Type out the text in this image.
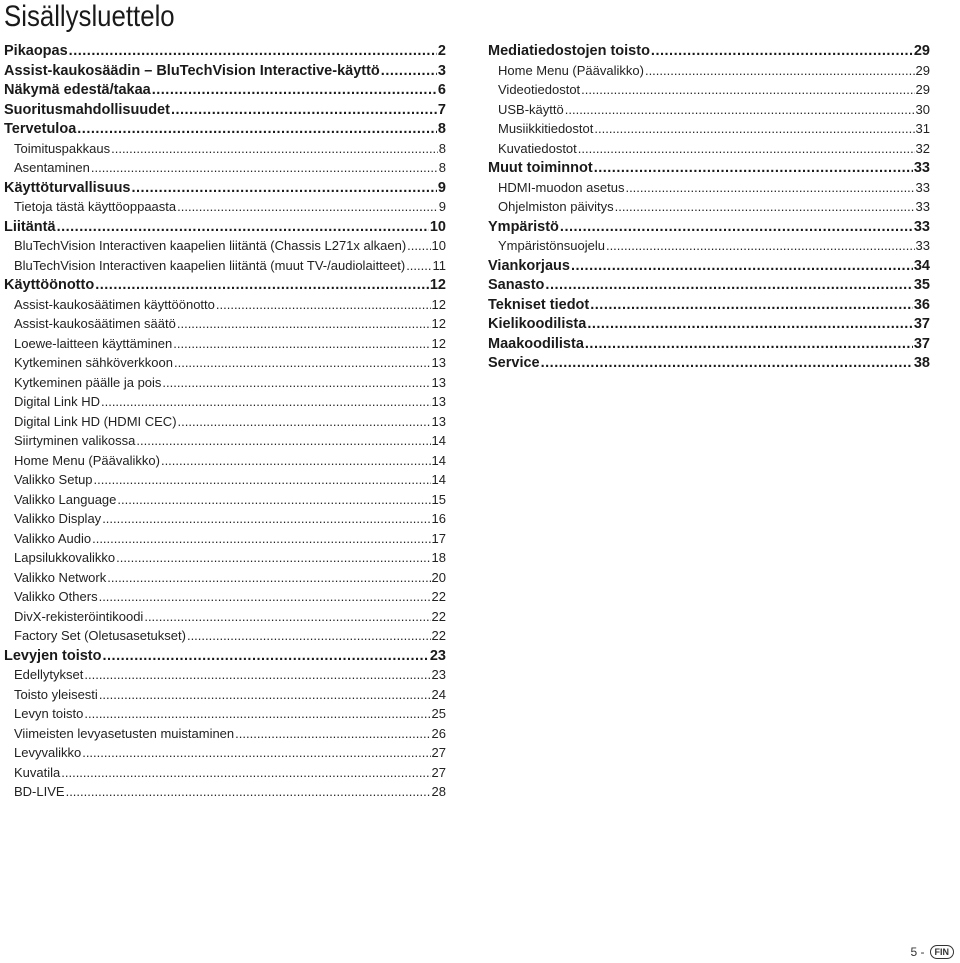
Sisällysluettelo
Pikaopas .....	2
Assist-kaukosäädin – BluTechVision Interactive-käyttö .....	3
Näkymä edestä/takaa .....	6
Suoritusmahdollisuudet .....	7
Tervetuloa .....	8
Toimituspakkaus .....	8
Asentaminen .....	8
Käyttöturvallisuus .....	9
Tietoja tästä käyttöoppaasta .....	9
Liitäntä .....	10
BluTechVision Interactiven kaapelien liitäntä (Chassis L271x alkaen) ..... 10
BluTechVision Interactiven kaapelien liitäntä (muut TV-/audiolaitteet) ..... 11
Käyttöönotto .....	12
Assist-kaukosäätimen käyttöönotto .....	12
Assist-kaukosäätimen säätö .....	12
Loewe-laitteen käyttäminen .....	12
Kytkeminen sähköverkkoon .....	13
Kytkeminen päälle ja pois .....	13
Digital Link HD .....	13
Digital Link HD (HDMI CEC) .....	13
Siirtyminen valikossa .....	14
Home Menu (Päävalikko) .....	14
Valikko Setup .....	14
Valikko Language .....	15
Valikko Display .....	16
Valikko Audio .....	17
Lapsilukkovalikko .....	18
Valikko Network .....	20
Valikko Others .....	22
DivX-rekisteröintikoodi .....	22
Factory Set (Oletusasetukset) .....	22
Levyjen toisto .....	23
Edellytykset .....	23
Toisto yleisesti .....	24
Levyn toisto .....	25
Viimeisten levyasetusten muistaminen .....	26
Levyvalikko .....	27
Kuvatila .....	27
BD-LIVE .....	28
Mediatiedostojen toisto .....	29
Home Menu (Päävalikko) .....	29
Videotiedostot .....	29
USB-käyttö .....	30
Musiikkitiedostot .....	31
Kuvatiedostot .....	32
Muut toiminnot .....	33
HDMI-muodon asetus .....	33
Ohjelmiston päivitys .....	33
Ympäristö .....	33
Ympäristönsuojelu .....	33
Viankorjaus .....	34
Sanasto .....	35
Tekniset tiedot .....	36
Kielikoodilista .....	37
Maakoodilista .....	37
Service .....	38
5 -	FIN
